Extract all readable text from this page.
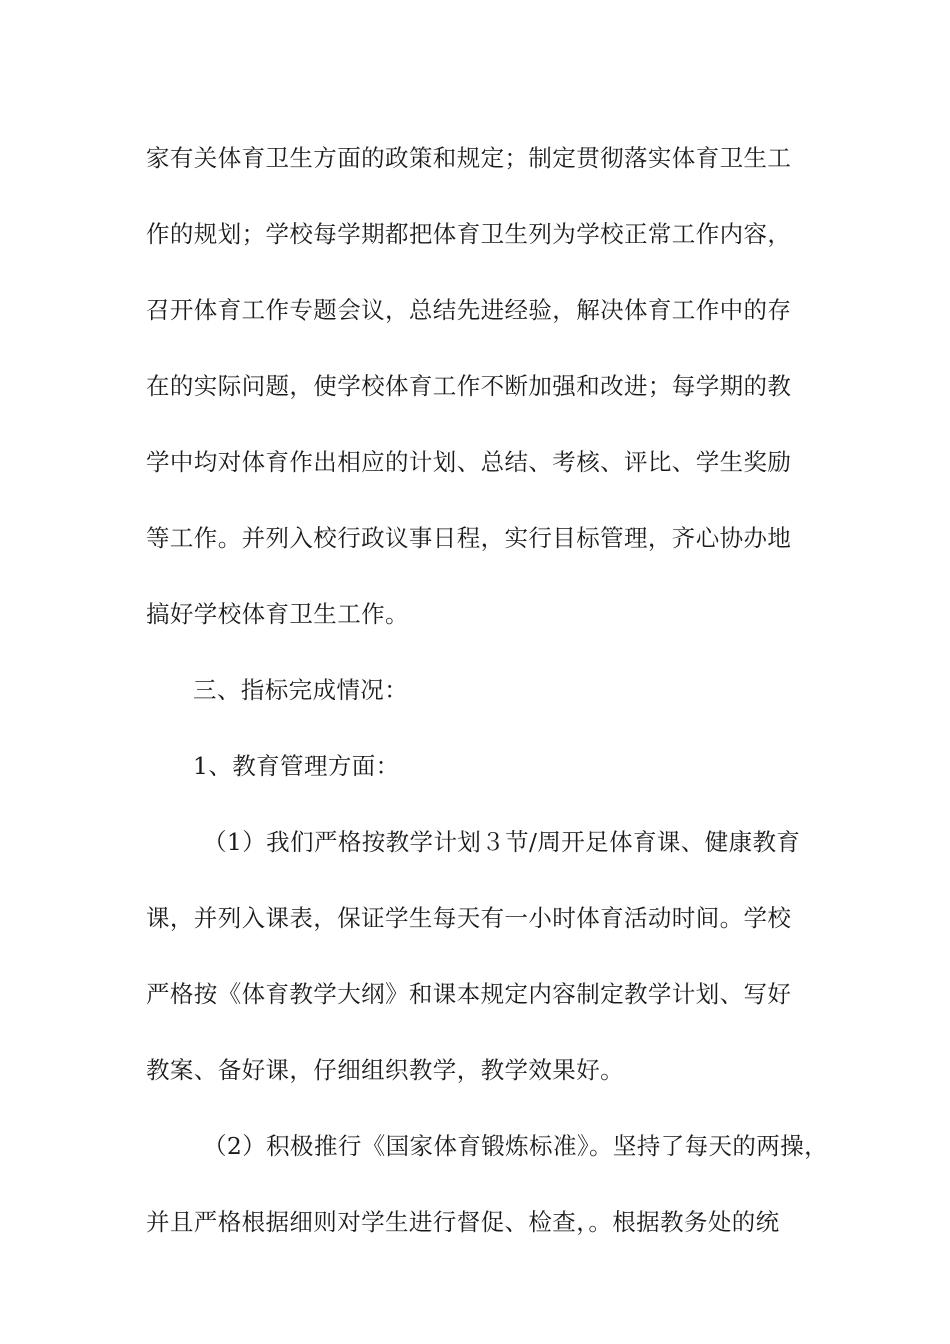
家有关体育卫生方面的政策和规定；制定贯彻落实体育卫生工
作的规划；学校每学期都把体育卫生列为学校正常工作内容，
召开体育工作专题会议，总结先进经验，解决体育工作中的存
在的实际问题，使学校体育工作不断加强和改进；每学期的教
学中均对体育作出相应的计划、总结、考核、评比、学生奖励
等工作。并列入校行政议事日程，实行目标管理，齐心协办地
搞好学校体育卫生工作。
三、指标完成情况：
1、教育管理方面：
（1）我们严格按教学计划３节/周开足体育课、健康教育
课，并列入课表，保证学生每天有一小时体育活动时间。学校
严格按《体育教学大纲》和课本规定内容制定教学计划、写好
教案、备好课，仔细组织教学，教学效果好。
（2）积极推行《国家体育锻炼标准》。坚持了每天的两操，
并且严格根据细则对学生进行督促、检查，。根据教务处的统
